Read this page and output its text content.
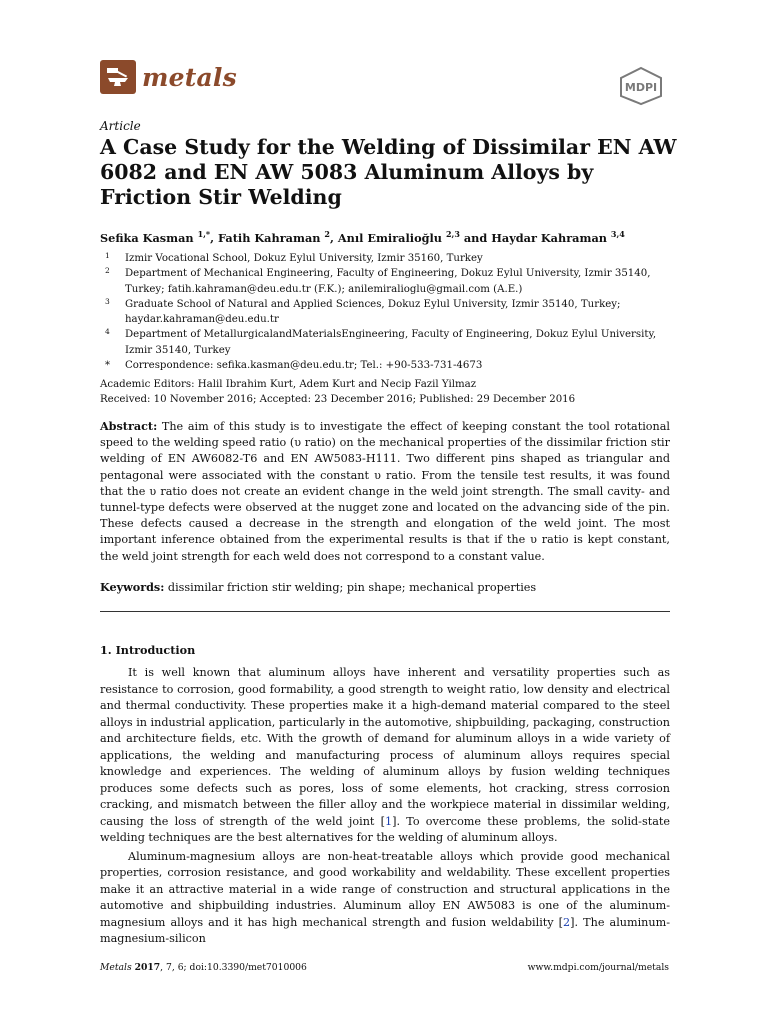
metals	MDPI
Article
A Case Study for the Welding of Dissimilar EN AW 6082 and EN AW 5083 Aluminum Alloys by Friction Stir Welding
Sefika Kasman $^{1,*}$, Fatih Kahraman $^2$, Anıl Emiralioğlu $^{2,3}$ and Haydar Kahraman $^{3,4}$
1 Izmir Vocational School, Dokuz Eylul University, Izmir 35160, Turkey
2 Department of Mechanical Engineering, Faculty of Engineering, Dokuz Eylul University, Izmir 35140, Turkey; fatih.kahraman@deu.edu.tr (F.K.); anilemiralioglu@gmail.com (A.E.)
3 Graduate School of Natural and Applied Sciences, Dokuz Eylul University, Izmir 35140, Turkey; haydar.kahraman@deu.edu.tr
4 Department of MetallurgicalandMaterialsEngineering, Faculty of Engineering, Dokuz Eylul University, Izmir 35140, Turkey
* Correspondence: sefika.kasman@deu.edu.tr; Tel.: +90-533-731-4673
Academic Editors: Halil Ibrahim Kurt, Adem Kurt and Necip Fazil Yilmaz
Received: 10 November 2016; Accepted: 23 December 2016; Published: 29 December 2016

Abstract: The aim of this study is to investigate the effect of keeping constant the tool rotational speed to the welding speed ratio (υ ratio) on the mechanical properties of the dissimilar friction stir welding of EN AW6082-T6 and EN AW5083-H111. Two different pins shaped as triangular and pentagonal were associated with the constant υ ratio. From the tensile test results, it was found that the υ ratio does not create an evident change in the weld joint strength. The small cavity- and tunnel-type defects were observed at the nugget zone and located on the advancing side of the pin. These defects caused a decrease in the strength and elongation of the weld joint. The most important inference obtained from the experimental results is that if the υ ratio is kept constant, the weld joint strength for each weld does not correspond to a constant value.

Keywords: dissimilar friction stir welding; pin shape; mechanical properties
1. Introduction

It is well known that aluminum alloys have inherent and versatility properties such as resistance to corrosion, good formability, a good strength to weight ratio, low density and electrical and thermal conductivity. These properties make it a high-demand material compared to the steel alloys in industrial application, particularly in the automotive, shipbuilding, packaging, construction and architecture fields, etc. With the growth of demand for aluminum alloys in a wide variety of applications, the welding and manufacturing process of aluminum alloys requires special knowledge and experiences. The welding of aluminum alloys by fusion welding techniques produces some defects such as pores, loss of some elements, hot cracking, stress corrosion cracking, and mismatch between the filler alloy and the workpiece material in dissimilar welding, causing the loss of strength of the weld joint [1]. To overcome these problems, the solid-state welding techniques are the best alternatives for the welding of aluminum alloys.

Aluminum-magnesium alloys are non-heat-treatable alloys which provide good mechanical properties, corrosion resistance, and good workability and weldability. These excellent properties make it an attractive material in a wide range of construction and structural applications in the automotive and shipbuilding industries. Aluminum alloy EN AW5083 is one of the aluminum-magnesium alloys and it has high mechanical strength and fusion weldability [2]. The aluminum-magnesium-silicon

Metals 2017, 7, 6; doi:10.3390/met7010006	www.mdpi.com/journal/metals
